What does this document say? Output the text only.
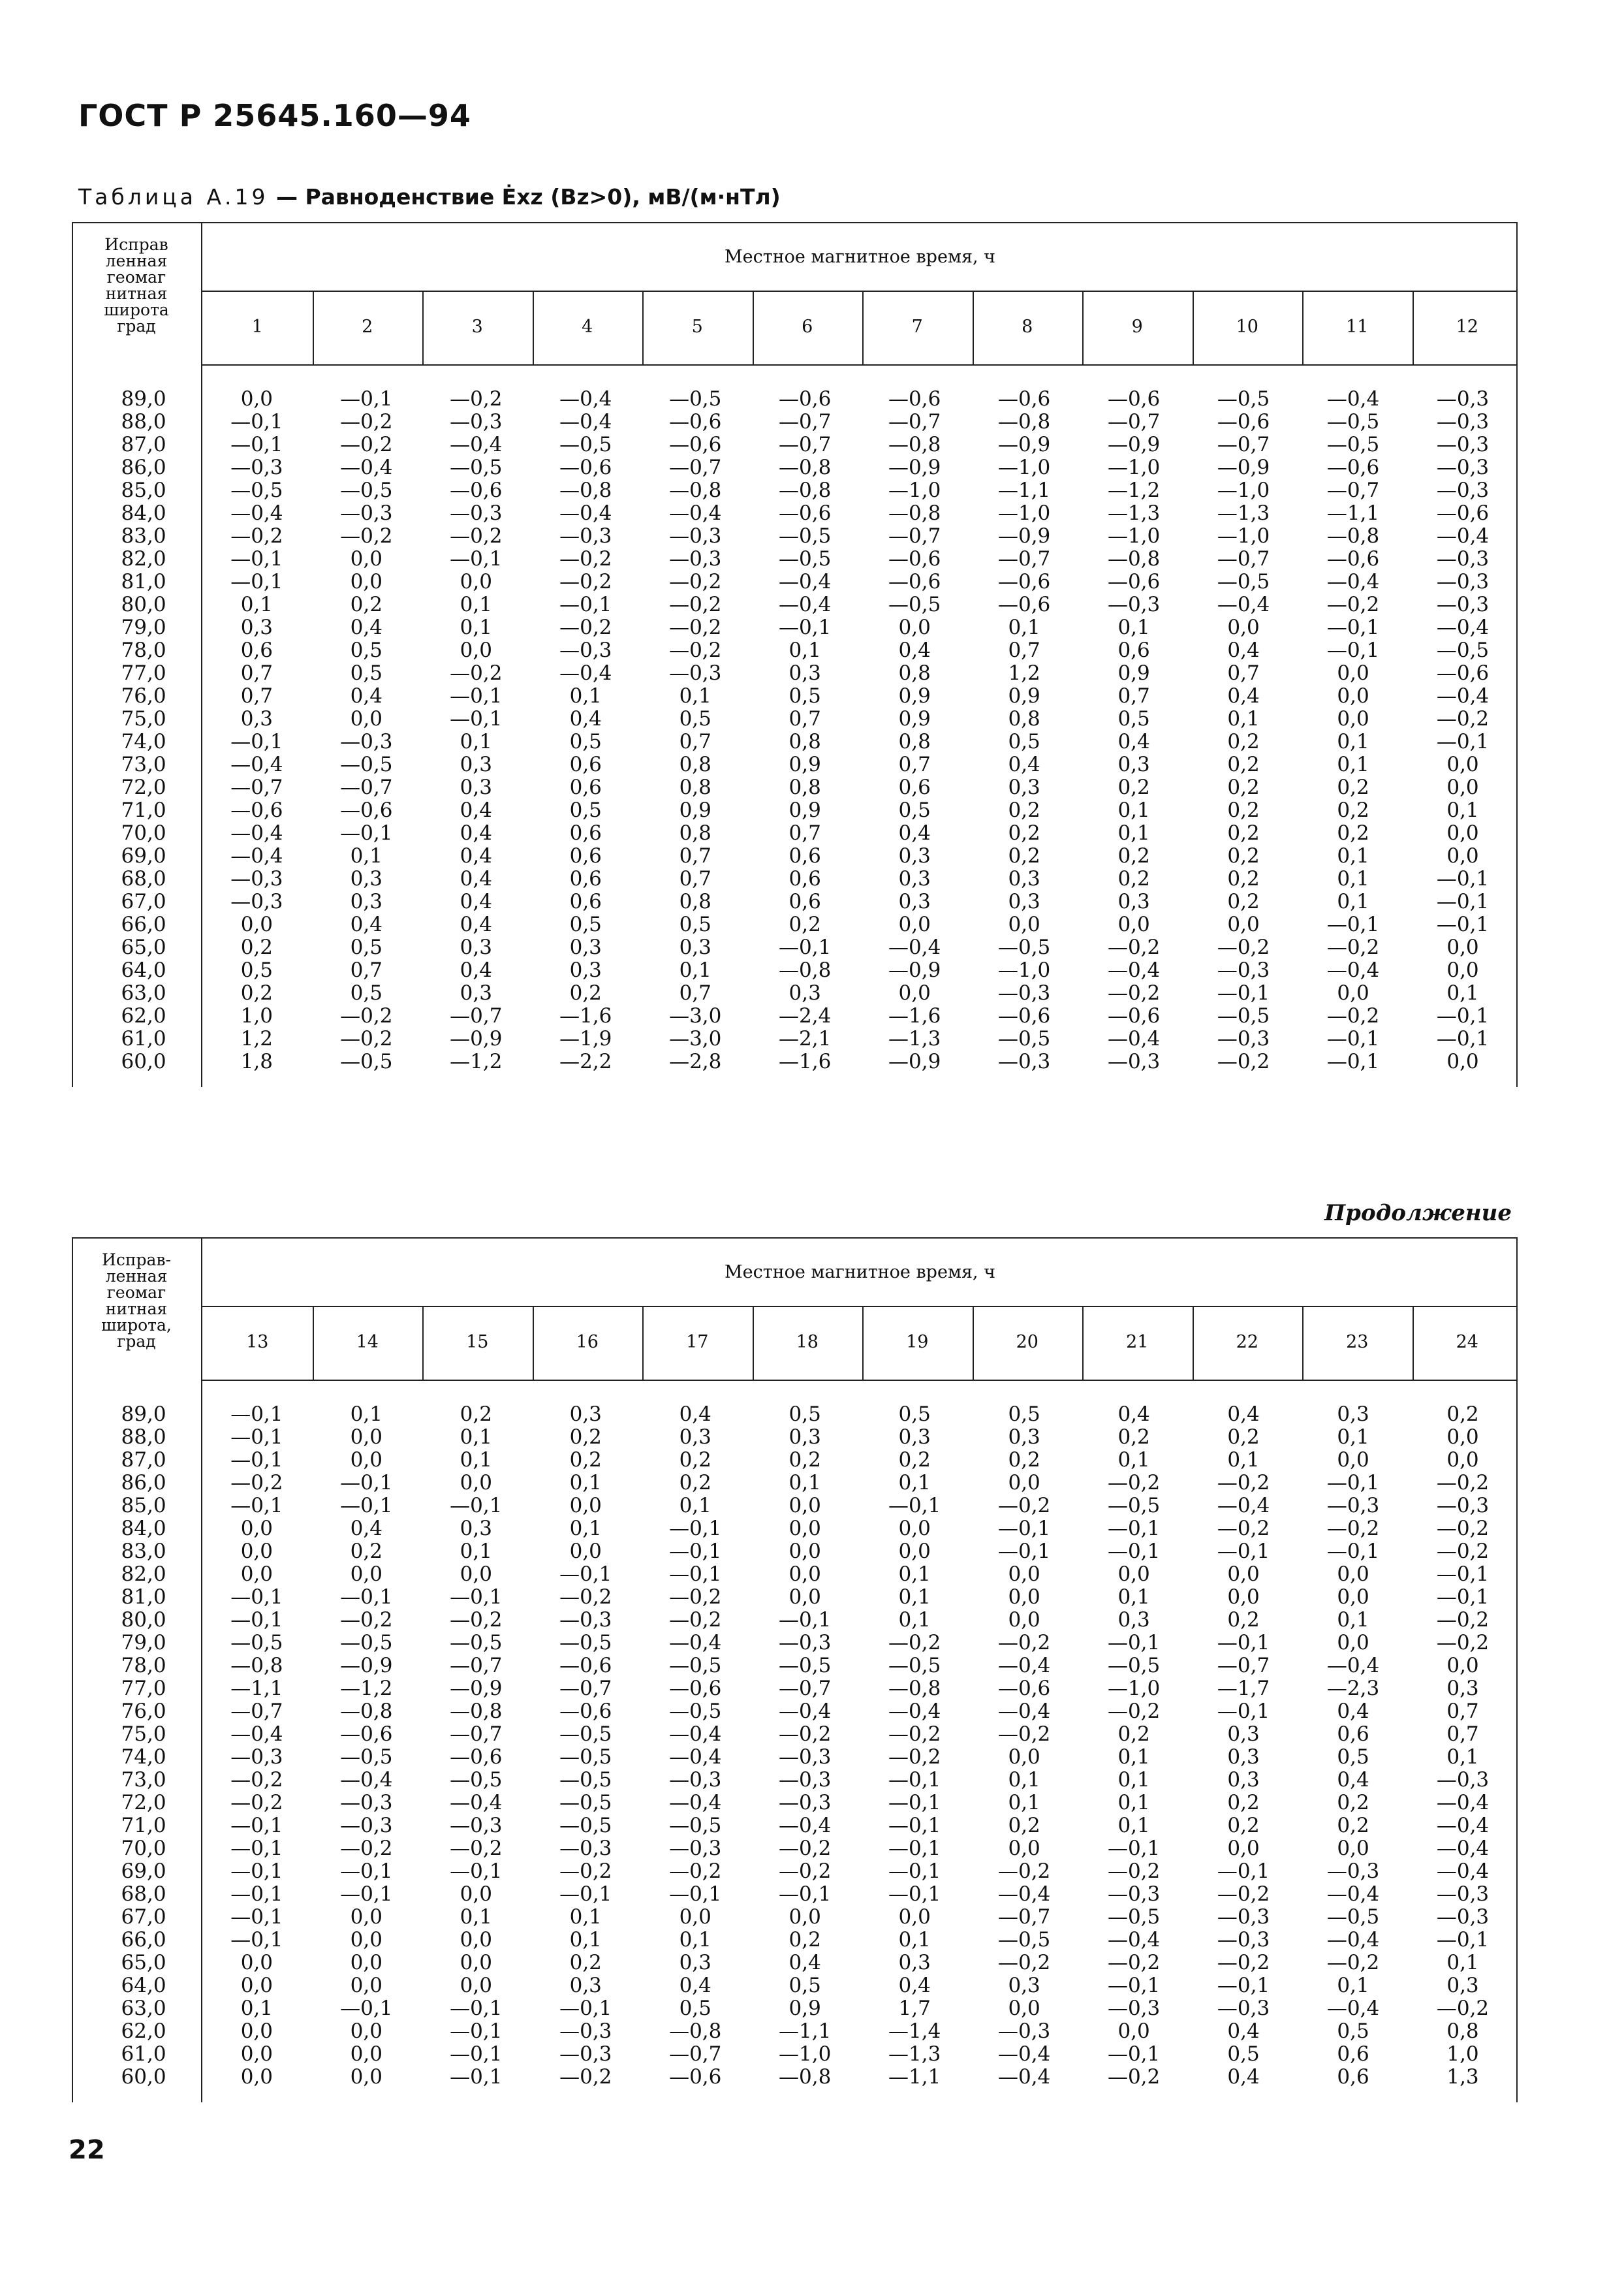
ГОСТ Р 25645.160—94
Таблица А.19 — Равноденствие Ėxz (Bz>0), мВ/(м·нТл)
Исправ
ленная
геомаг
нитная
широта
град
Местное магнитное время, ч
89,0	0,0	—0,1	—0,2	—0,4	—0,5	—0,6	—0,6	—0,6	—0,6	—0,5	—0,4	—0,3
88,0	—0,1	—0,2	—0,3	—0,4	—0,6	—0,7	—0,7	—0,8	—0,7	—0,6	—0,5	—0,3
87,0	—0,1	—0,2	—0,4	—0,5	—0,6	—0,7	—0,8	—0,9	—0,9	—0,7	—0,5	—0,3
86,0	—0,3	—0,4	—0,5	—0,6	—0,7	—0,8	—0,9	—1,0	—1,0	—0,9	—0,6	—0,3
85,0	—0,5	—0,5	—0,6	—0,8	—0,8	—0,8	—1,0	—1,1	—1,2	—1,0	—0,7	—0,3
84,0	—0,4	—0,3	—0,3	—0,4	—0,4	—0,6	—0,8	—1,0	—1,3	—1,3	—1,1	—0,6
83,0	—0,2	—0,2	—0,2	—0,3	—0,3	—0,5	—0,7	—0,9	—1,0	—1,0	—0,8	—0,4
82,0	—0,1	0,0	—0,1	—0,2	—0,3	—0,5	—0,6	—0,7	—0,8	—0,7	—0,6	—0,3
81,0	—0,1	0,0	0,0	—0,2	—0,2	—0,4	—0,6	—0,6	—0,6	—0,5	—0,4	—0,3
80,0	0,1	0,2	0,1	—0,1	—0,2	—0,4	—0,5	—0,6	—0,3	—0,4	—0,2	—0,3
79,0	0,3	0,4	0,1	—0,2	—0,2	—0,1	0,0	0,1	0,1	0,0	—0,1	—0,4
78,0	0,6	0,5	0,0	—0,3	—0,2	0,1	0,4	0,7	0,6	0,4	—0,1	—0,5
77,0	0,7	0,5	—0,2	—0,4	—0,3	0,3	0,8	1,2	0,9	0,7	0,0	—0,6
76,0	0,7	0,4	—0,1	0,1	0,1	0,5	0,9	0,9	0,7	0,4	0,0	—0,4
75,0	0,3	0,0	—0,1	0,4	0,5	0,7	0,9	0,8	0,5	0,1	0,0	—0,2
74,0	—0,1	—0,3	0,1	0,5	0,7	0,8	0,8	0,5	0,4	0,2	0,1	—0,1
73,0	—0,4	—0,5	0,3	0,6	0,8	0,9	0,7	0,4	0,3	0,2	0,1	0,0
72,0	—0,7	—0,7	0,3	0,6	0,8	0,8	0,6	0,3	0,2	0,2	0,2	0,0
71,0	—0,6	—0,6	0,4	0,5	0,9	0,9	0,5	0,2	0,1	0,2	0,2	0,1
70,0	—0,4	—0,1	0,4	0,6	0,8	0,7	0,4	0,2	0,1	0,2	0,2	0,0
69,0	—0,4	0,1	0,4	0,6	0,7	0,6	0,3	0,2	0,2	0,2	0,1	0,0
68,0	—0,3	0,3	0,4	0,6	0,7	0,6	0,3	0,3	0,2	0,2	0,1	—0,1
67,0	—0,3	0,3	0,4	0,6	0,8	0,6	0,3	0,3	0,3	0,2	0,1	—0,1
66,0	0,0	0,4	0,4	0,5	0,5	0,2	0,0	0,0	0,0	0,0	—0,1	—0,1
65,0	0,2	0,5	0,3	0,3	0,3	—0,1	—0,4	—0,5	—0,2	—0,2	—0,2	0,0
64,0	0,5	0,7	0,4	0,3	0,1	—0,8	—0,9	—1,0	—0,4	—0,3	—0,4	0,0
63,0	0,2	0,5	0,3	0,2	0,7	0,3	0,0	—0,3	—0,2	—0,1	0,0	0,1
62,0	1,0	—0,2	—0,7	—1,6	—3,0	—2,4	—1,6	—0,6	—0,6	—0,5	—0,2	—0,1
61,0	1,2	—0,2	—0,9	—1,9	—3,0	—2,1	—1,3	—0,5	—0,4	—0,3	—0,1	—0,1
60,0	1,8	—0,5	—1,2	—2,2	—2,8	—1,6	—0,9	—0,3	—0,3	—0,2	—0,1	0,0
1	2	3	4	5	6	7	8	9	10	11	12
Продолжение
Исправ-
ленная
геомаг
нитная
широта,
град
Местное магнитное время, ч
89,0	—0,1	0,1	0,2	0,3	0,4	0,5	0,5	0,5	0,4	0,4	0,3	0,2
88,0	—0,1	0,0	0,1	0,2	0,3	0,3	0,3	0,3	0,2	0,2	0,1	0,0
87,0	—0,1	0,0	0,1	0,2	0,2	0,2	0,2	0,2	0,1	0,1	0,0	0,0
86,0	—0,2	—0,1	0,0	0,1	0,2	0,1	0,1	0,0	—0,2	—0,2	—0,1	—0,2
85,0	—0,1	—0,1	—0,1	0,0	0,1	0,0	—0,1	—0,2	—0,5	—0,4	—0,3	—0,3
84,0	0,0	0,4	0,3	0,1	—0,1	0,0	0,0	—0,1	—0,1	—0,2	—0,2	—0,2
83,0	0,0	0,2	0,1	0,0	—0,1	0,0	0,0	—0,1	—0,1	—0,1	—0,1	—0,2
82,0	0,0	0,0	0,0	—0,1	—0,1	0,0	0,1	0,0	0,0	0,0	0,0	—0,1
81,0	—0,1	—0,1	—0,1	—0,2	—0,2	0,0	0,1	0,0	0,1	0,0	0,0	—0,1
80,0	—0,1	—0,2	—0,2	—0,3	—0,2	—0,1	0,1	0,0	0,3	0,2	0,1	—0,2
79,0	—0,5	—0,5	—0,5	—0,5	—0,4	—0,3	—0,2	—0,2	—0,1	—0,1	0,0	—0,2
78,0	—0,8	—0,9	—0,7	—0,6	—0,5	—0,5	—0,5	—0,4	—0,5	—0,7	—0,4	0,0
77,0	—1,1	—1,2	—0,9	—0,7	—0,6	—0,7	—0,8	—0,6	—1,0	—1,7	—2,3	0,3
76,0	—0,7	—0,8	—0,8	—0,6	—0,5	—0,4	—0,4	—0,4	—0,2	—0,1	0,4	0,7
75,0	—0,4	—0,6	—0,7	—0,5	—0,4	—0,2	—0,2	—0,2	0,2	0,3	0,6	0,7
74,0	—0,3	—0,5	—0,6	—0,5	—0,4	—0,3	—0,2	0,0	0,1	0,3	0,5	0,1
73,0	—0,2	—0,4	—0,5	—0,5	—0,3	—0,3	—0,1	0,1	0,1	0,3	0,4	—0,3
72,0	—0,2	—0,3	—0,4	—0,5	—0,4	—0,3	—0,1	0,1	0,1	0,2	0,2	—0,4
71,0	—0,1	—0,3	—0,3	—0,5	—0,5	—0,4	—0,1	0,2	0,1	0,2	0,2	—0,4
70,0	—0,1	—0,2	—0,2	—0,3	—0,3	—0,2	—0,1	0,0	—0,1	0,0	0,0	—0,4
69,0	—0,1	—0,1	—0,1	—0,2	—0,2	—0,2	—0,1	—0,2	—0,2	—0,1	—0,3	—0,4
68,0	—0,1	—0,1	0,0	—0,1	—0,1	—0,1	—0,1	—0,4	—0,3	—0,2	—0,4	—0,3
67,0	—0,1	0,0	0,1	0,1	0,0	0,0	0,0	—0,7	—0,5	—0,3	—0,5	—0,3
66,0	—0,1	0,0	0,0	0,1	0,1	0,2	0,1	—0,5	—0,4	—0,3	—0,4	—0,1
65,0	0,0	0,0	0,0	0,2	0,3	0,4	0,3	—0,2	—0,2	—0,2	—0,2	0,1
64,0	0,0	0,0	0,0	0,3	0,4	0,5	0,4	0,3	—0,1	—0,1	0,1	0,3
63,0	0,1	—0,1	—0,1	—0,1	0,5	0,9	1,7	0,0	—0,3	—0,3	—0,4	—0,2
62,0	0,0	0,0	—0,1	—0,3	—0,8	—1,1	—1,4	—0,3	0,0	0,4	0,5	0,8
61,0	0,0	0,0	—0,1	—0,3	—0,7	—1,0	—1,3	—0,4	—0,1	0,5	0,6	1,0
60,0	0,0	0,0	—0,1	—0,2	—0,6	—0,8	—1,1	—0,4	—0,2	0,4	0,6	1,3
13	14	15	16	17	18	19	20	21	22	23	24
22
